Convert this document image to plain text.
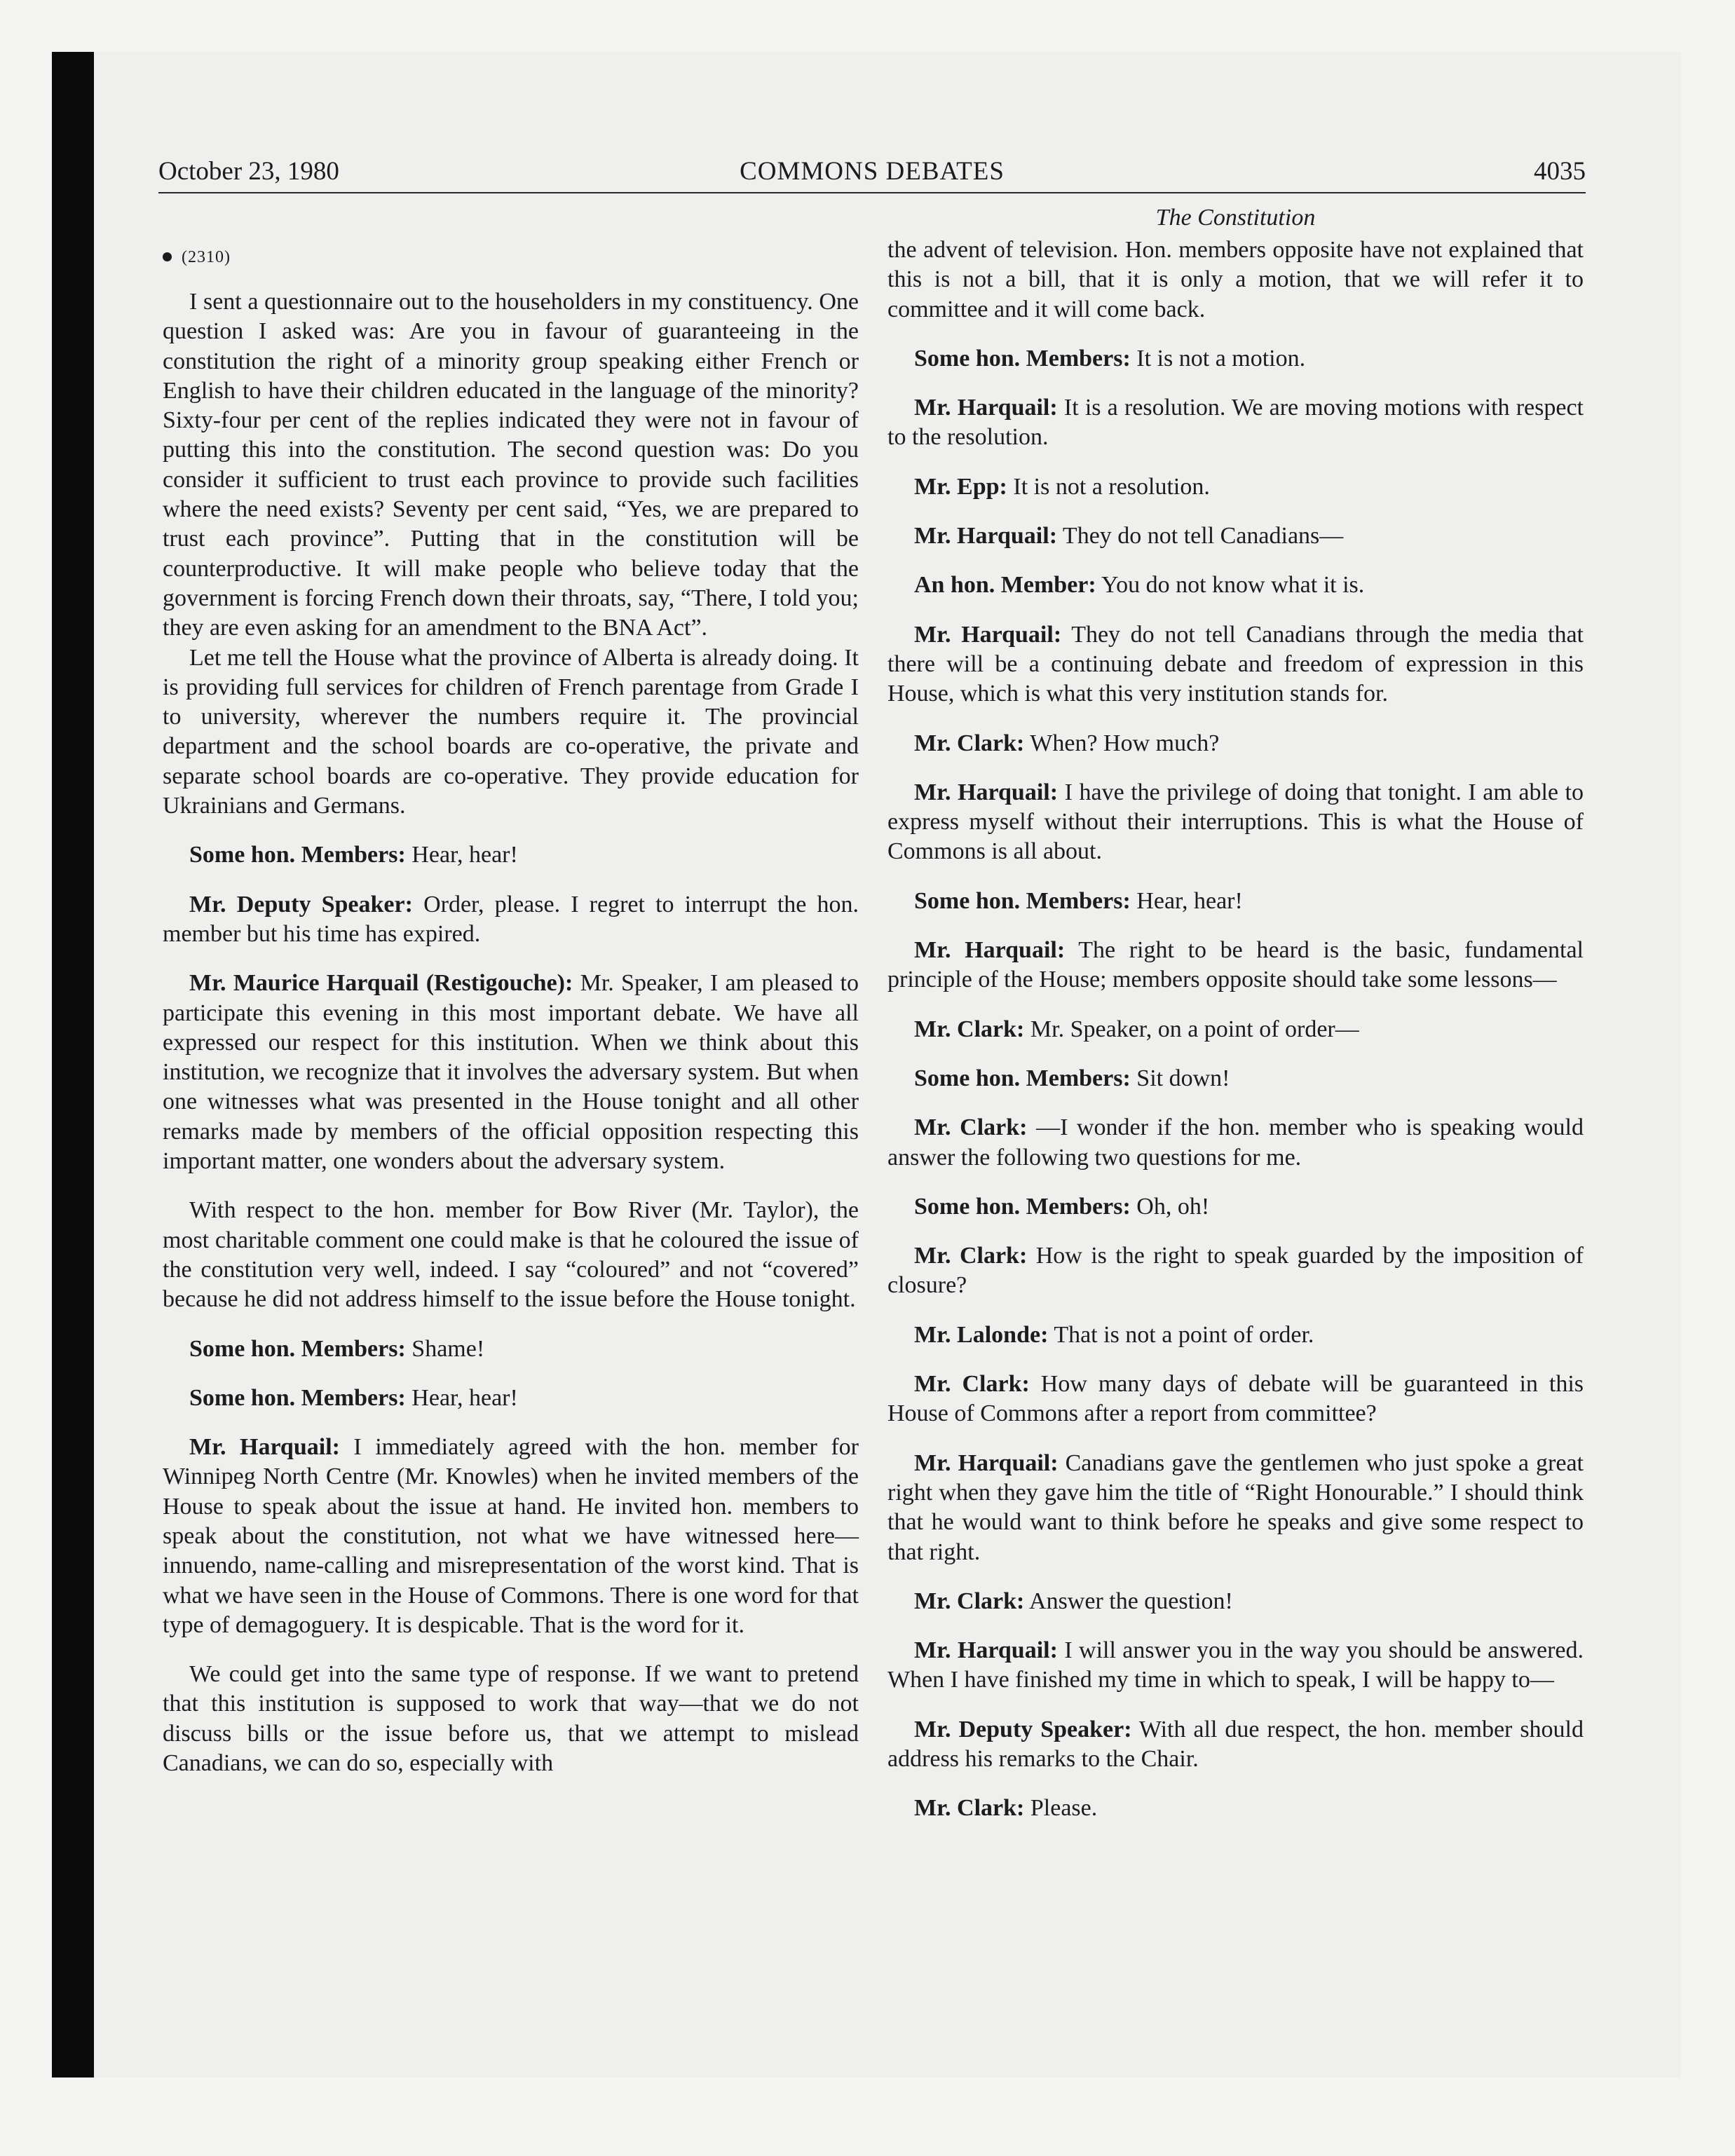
October 23, 1980	COMMONS DEBATES	4035
(2310)

I sent a questionnaire out to the householders in my constituency. One question I asked was: Are you in favour of guaranteeing in the constitution the right of a minority group speaking either French or English to have their children educated in the language of the minority? Sixty-four per cent of the replies indicated they were not in favour of putting this into the constitution. The second question was: Do you consider it sufficient to trust each province to provide such facilities where the need exists? Seventy per cent said, “Yes, we are prepared to trust each province”. Putting that in the constitution will be counterproductive. It will make people who believe today that the government is forcing French down their throats, say, “There, I told you; they are even asking for an amendment to the BNA Act”.

Let me tell the House what the province of Alberta is already doing. It is providing full services for children of French parentage from Grade I to university, wherever the numbers require it. The provincial department and the school boards are co-operative, the private and separate school boards are co-operative. They provide education for Ukrainians and Germans.

Some hon. Members: Hear, hear!

Mr. Deputy Speaker: Order, please. I regret to interrupt the hon. member but his time has expired.

Mr. Maurice Harquail (Restigouche): Mr. Speaker, I am pleased to participate this evening in this most important debate. We have all expressed our respect for this institution. When we think about this institution, we recognize that it involves the adversary system. But when one witnesses what was presented in the House tonight and all other remarks made by members of the official opposition respecting this important matter, one wonders about the adversary system.

With respect to the hon. member for Bow River (Mr. Taylor), the most charitable comment one could make is that he coloured the issue of the constitution very well, indeed. I say “coloured” and not “covered” because he did not address himself to the issue before the House tonight.

Some hon. Members: Shame!

Some hon. Members: Hear, hear!

Mr. Harquail: I immediately agreed with the hon. member for Winnipeg North Centre (Mr. Knowles) when he invited members of the House to speak about the issue at hand. He invited hon. members to speak about the constitution, not what we have witnessed here—innuendo, name-calling and misrepresentation of the worst kind. That is what we have seen in the House of Commons. There is one word for that type of demagoguery. It is despicable. That is the word for it.

We could get into the same type of response. If we want to pretend that this institution is supposed to work that way—that we do not discuss bills or the issue before us, that we attempt to mislead Canadians, we can do so, especially with

The Constitution

the advent of television. Hon. members opposite have not explained that this is not a bill, that it is only a motion, that we will refer it to committee and it will come back.

Some hon. Members: It is not a motion.

Mr. Harquail: It is a resolution. We are moving motions with respect to the resolution.

Mr. Epp: It is not a resolution.

Mr. Harquail: They do not tell Canadians—

An hon. Member: You do not know what it is.

Mr. Harquail: They do not tell Canadians through the media that there will be a continuing debate and freedom of expression in this House, which is what this very institution stands for.

Mr. Clark: When? How much?

Mr. Harquail: I have the privilege of doing that tonight. I am able to express myself without their interruptions. This is what the House of Commons is all about.

Some hon. Members: Hear, hear!

Mr. Harquail: The right to be heard is the basic, fundamental principle of the House; members opposite should take some lessons—

Mr. Clark: Mr. Speaker, on a point of order—

Some hon. Members: Sit down!

Mr. Clark: —I wonder if the hon. member who is speaking would answer the following two questions for me.

Some hon. Members: Oh, oh!

Mr. Clark: How is the right to speak guarded by the imposition of closure?

Mr. Lalonde: That is not a point of order.

Mr. Clark: How many days of debate will be guaranteed in this House of Commons after a report from committee?

Mr. Harquail: Canadians gave the gentlemen who just spoke a great right when they gave him the title of “Right Honourable.” I should think that he would want to think before he speaks and give some respect to that right.

Mr. Clark: Answer the question!

Mr. Harquail: I will answer you in the way you should be answered. When I have finished my time in which to speak, I will be happy to—

Mr. Deputy Speaker: With all due respect, the hon. member should address his remarks to the Chair.

Mr. Clark: Please.
